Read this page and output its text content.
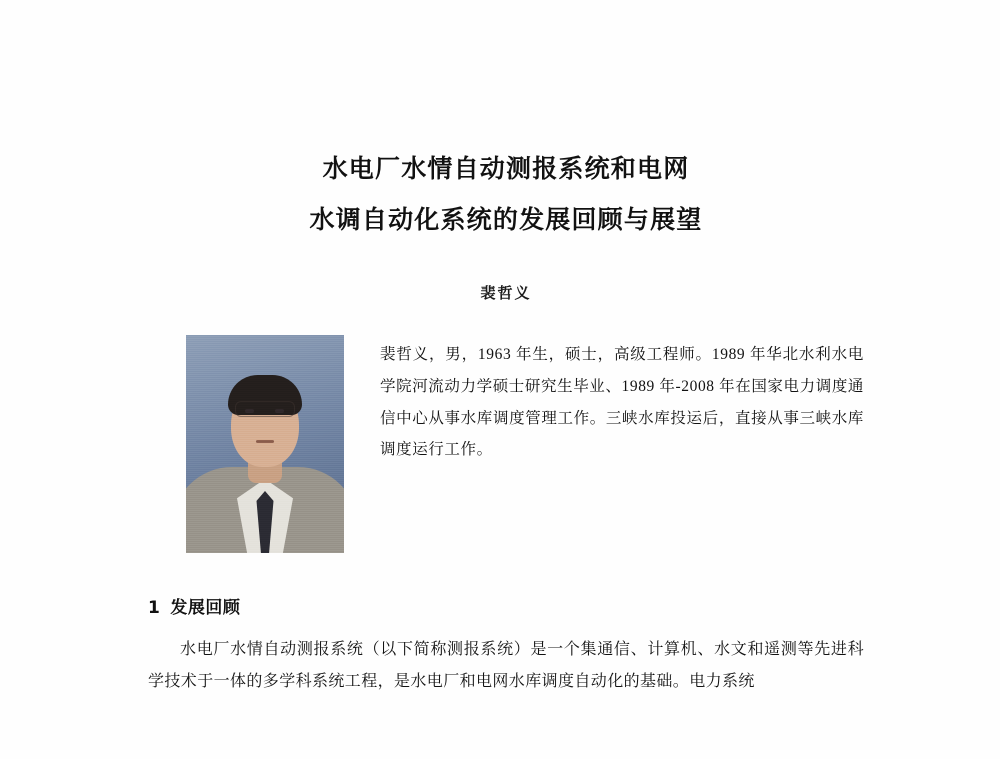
水电厂水情自动测报系统和电网
水调自动化系统的发展回顾与展望
裴哲义
裴哲义，男，1963 年生，硕士，高级工程师。1989 年华北水利水电学院河流动力学硕士研究生毕业、1989 年-2008 年在国家电力调度通信中心从事水库调度管理工作。三峡水库投运后，直接从事三峡水库调度运行工作。
1 发展回顾
水电厂水情自动测报系统（以下简称测报系统）是一个集通信、计算机、水文和遥测等先进科学技术于一体的多学科系统工程，是水电厂和电网水库调度自动化的基础。电力系统
